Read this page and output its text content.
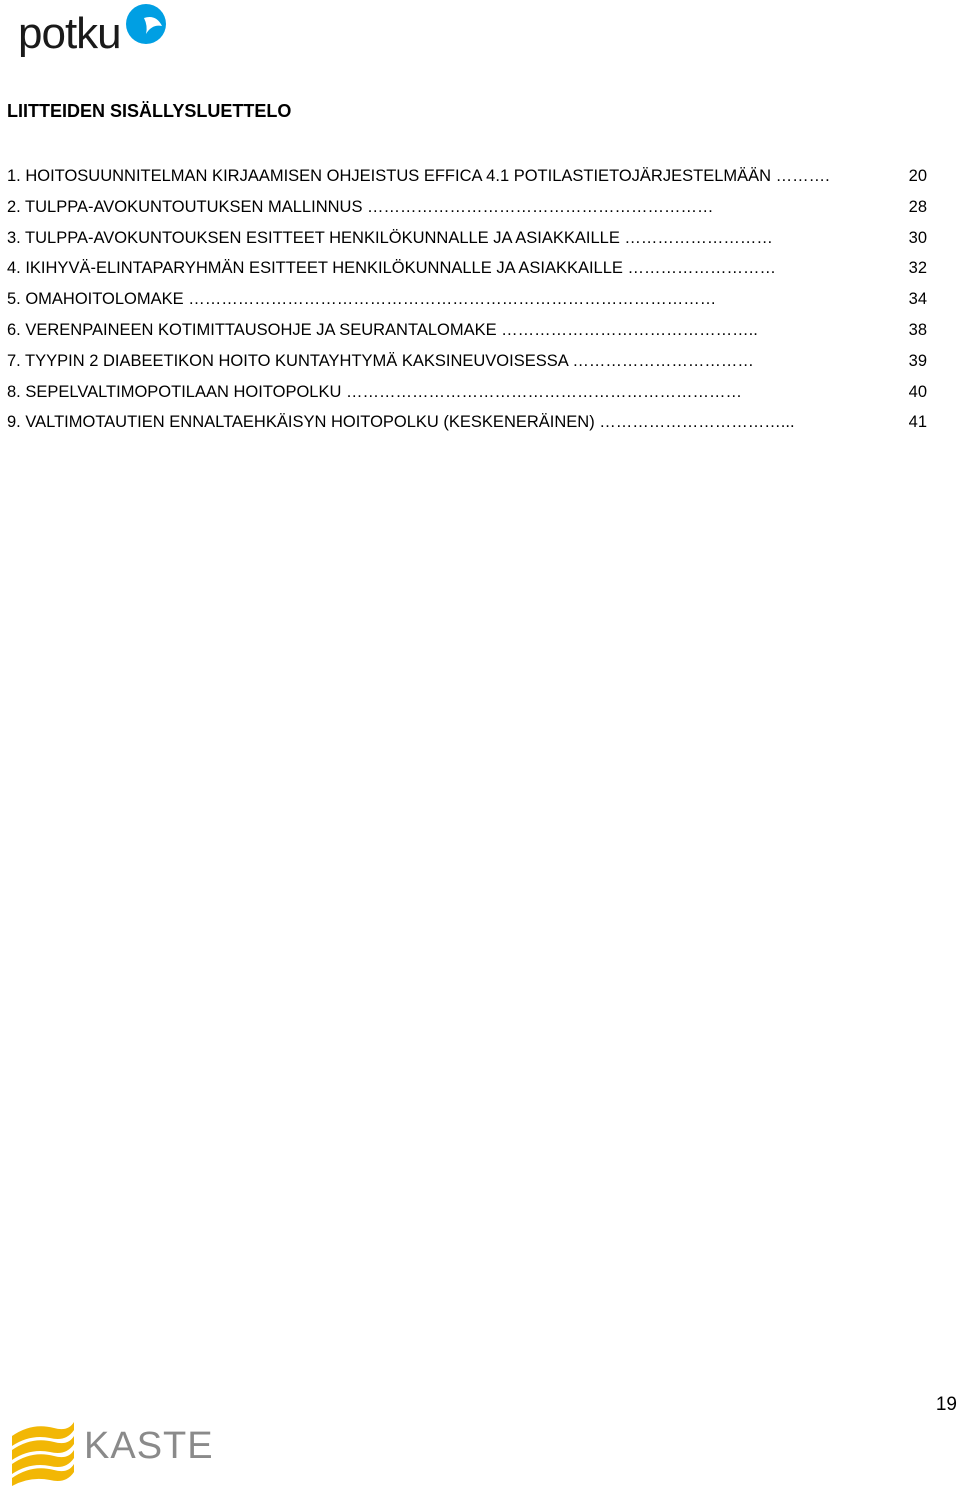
potku
LIITTEIDEN SISÄLLYSLUETTELO
1. HOITOSUUNNITELMAN KIRJAAMISEN OHJEISTUS EFFICA 4.1 POTILASTIETOJÄRJESTELMÄÄN ……….	20
2. TULPPA-AVOKUNTOUTUKSEN MALLINNUS ………………………………………………………	28
3. TULPPA-AVOKUNTOUKSEN ESITTEET HENKILÖKUNNALLE JA ASIAKKAILLE ………………………	30
4. IKIHYVÄ-ELINTAPARYHMÄN ESITTEET HENKILÖKUNNALLE JA ASIAKKAILLE ………………………	32
5. OMAHOITOLOMAKE ……………………………………………………………………………………	34
6. VERENPAINEEN KOTIMITTAUSOHJE JA SEURANTALOMAKE ………………………………………..	38
7. TYYPIN 2 DIABEETIKON HOITO KUNTAYHTYMÄ KAKSINEUVOISESSA ……………………………	39
8. SEPELVALTIMOPOTILAAN HOITOPOLKU ………………………………………………………………	40
9. VALTIMOTAUTIEN ENNALTAEHKÄISYN HOITOPOLKU (KESKENERÄINEN) ……………………………...	41
19
KASTE
